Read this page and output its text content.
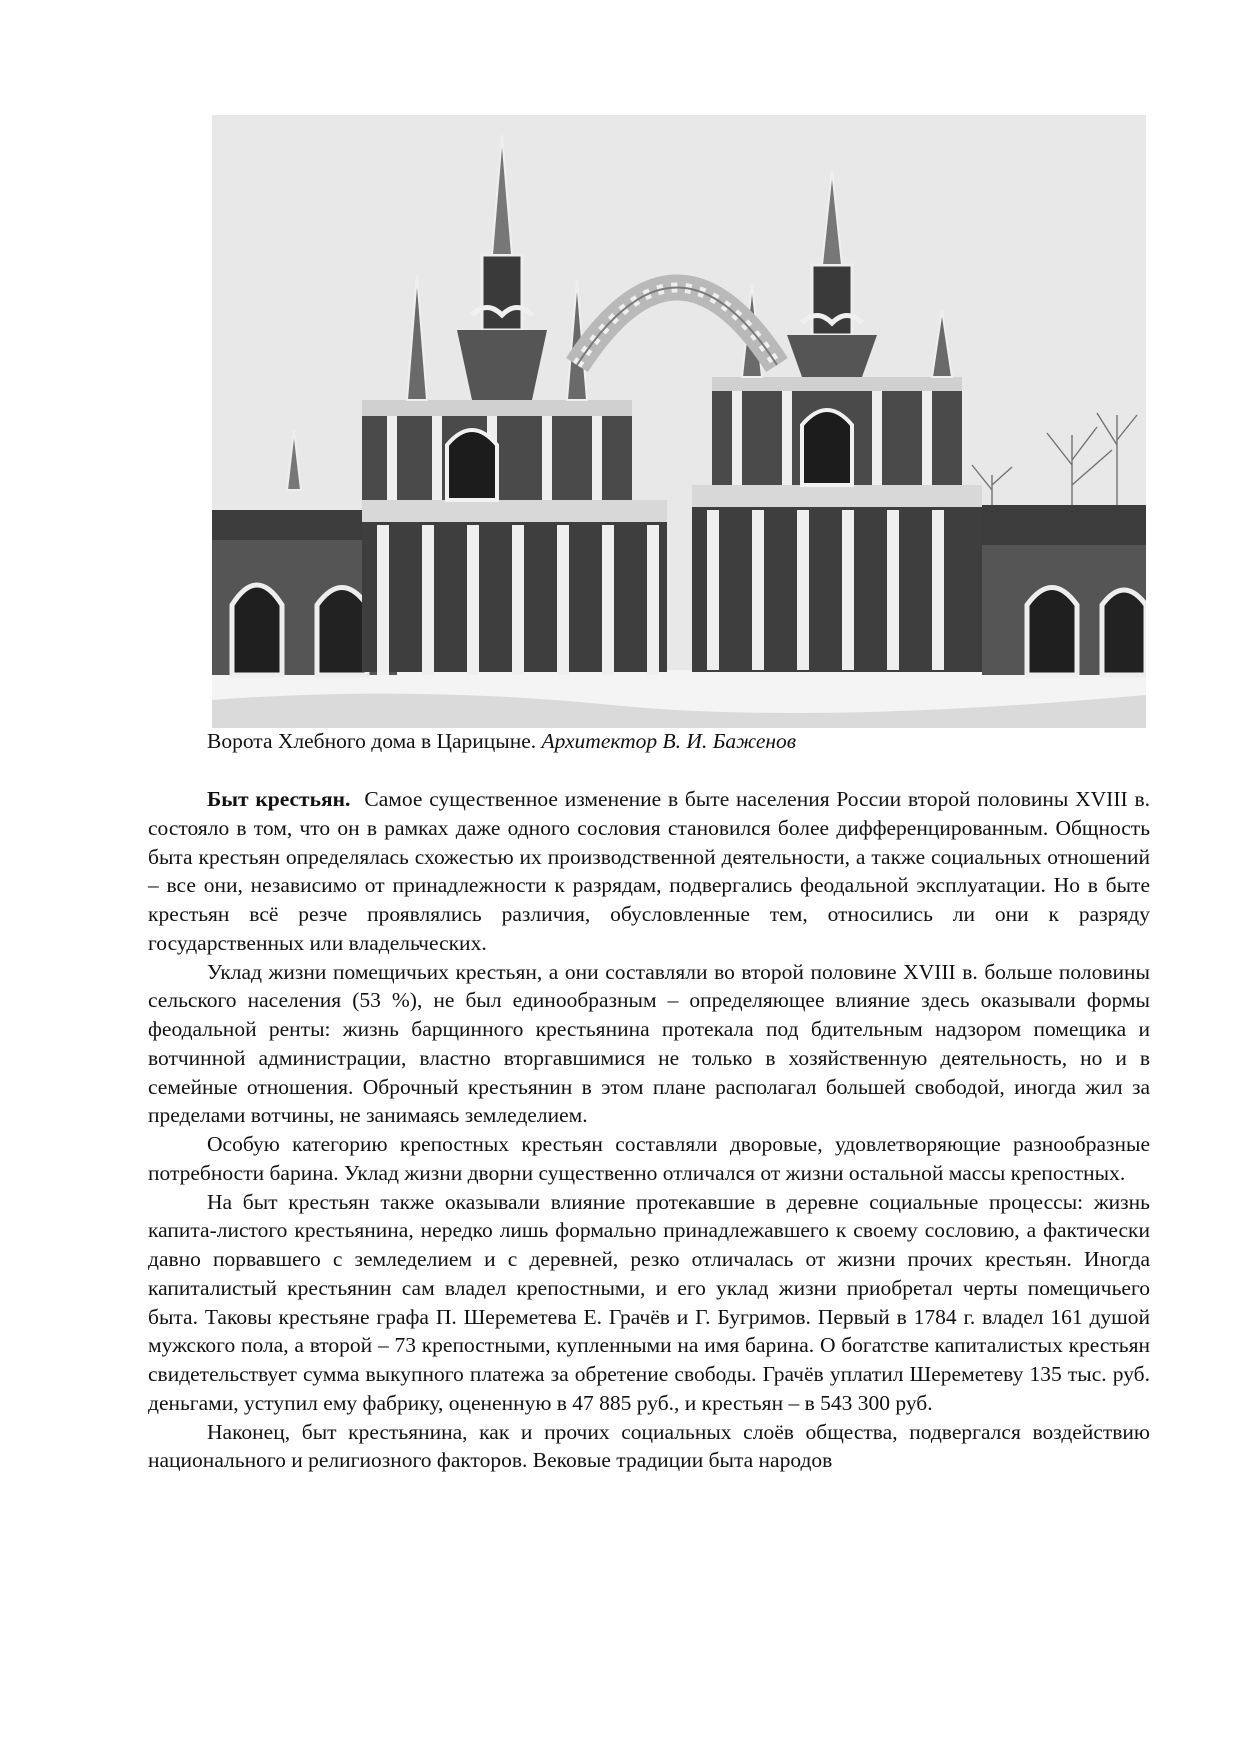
Ворота Хлебного дома в Царицыне. Архитектор В. И. Баженов

Быт крестьян. Самое существенное изменение в быте населения России второй половины XVIII в. состояло в том, что он в рамках даже одного сословия становился более дифференцированным. Общность быта крестьян определялась схожестью их производственной деятельности, а также социальных отношений – все они, независимо от принадлежности к разрядам, подвергались феодальной эксплуатации. Но в быте крестьян всё резче проявлялись различия, обусловленные тем, относились ли они к разряду государственных или владельческих.

Уклад жизни помещичьих крестьян, а они составляли во второй половине XVIII в. больше половины сельского населения (53 %), не был единообразным – определяющее влияние здесь оказывали формы феодальной ренты: жизнь барщинного крестьянина протекала под бдительным надзором помещика и вотчинной администрации, властно вторгавшимися не только в хозяйственную деятельность, но и в семейные отношения. Оброчный крестьянин в этом плане располагал большей свободой, иногда жил за пределами вотчины, не занимаясь земледелием.

Особую категорию крепостных крестьян составляли дворовые, удовлетворяющие разнообразные потребности барина. Уклад жизни дворни существенно отличался от жизни остальной массы крепостных.

На быт крестьян также оказывали влияние протекавшие в деревне социальные процессы: жизнь капита-листого крестьянина, нередко лишь формально принадлежавшего к своему сословию, а фактически давно порвавшего с земледелием и с деревней, резко отличалась от жизни прочих крестьян. Иногда капиталистый крестьянин сам владел крепостными, и его уклад жизни приобретал черты помещичьего быта. Таковы крестьяне графа П. Шереметева Е. Грачёв и Г. Бугримов. Первый в 1784 г. владел 161 душой мужского пола, а второй – 73 крепостными, купленными на имя барина. О богатстве капиталистых крестьян свидетельствует сумма выкупного платежа за обретение свободы. Грачёв уплатил Шереметеву 135 тыс. руб. деньгами, уступил ему фабрику, оцененную в 47 885 руб., и крестьян – в 543 300 руб.

Наконец, быт крестьянина, как и прочих социальных слоёв общества, подвергался воздействию национального и религиозного факторов. Вековые традиции быта народов
